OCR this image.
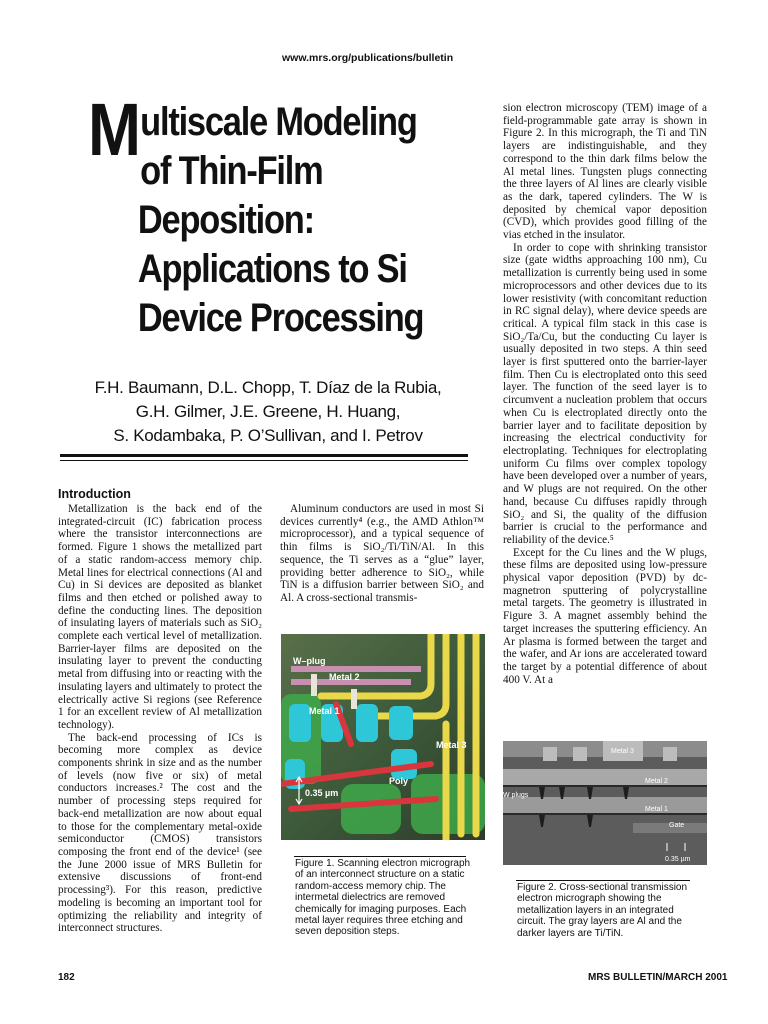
www.mrs.org/publications/bulletin
M ultiscale Modeling
of Thin-Film
Deposition:
Applications to Si
Device Processing
F.H. Baumann, D.L. Chopp, T. Díaz de la Rubia,
G.H. Gilmer, J.E. Greene, H. Huang,
S. Kodambaka, P. O’Sullivan, and I. Petrov
Introduction

Metallization is the back end of the integrated-circuit (IC) fabrication process where the transistor interconnections are formed. Figure 1 shows the metallized part of a static random-access memory chip. Metal lines for electrical connections (Al and Cu) in Si devices are deposited as blanket films and then etched or polished away to define the conducting lines. The deposition of insulating layers of materials such as SiO₂ complete each vertical level of metallization. Barrier-layer films are deposited on the insulating layer to prevent the conducting metal from diffusing into or reacting with the insulating layers and ultimately to protect the electrically active Si regions (see Reference 1 for an excellent review of Al metallization technology).

The back-end processing of ICs is becoming more complex as device components shrink in size and as the number of levels (now five or six) of metal conductors increases.² The cost and the number of processing steps required for back-end metallization are now about equal to those for the complementary metal-oxide semiconductor (CMOS) transistors composing the front end of the device¹ (see the June 2000 issue of MRS Bulletin for extensive discussions of front-end processing³). For this reason, predictive modeling is becoming an important tool for optimizing the reliability and integrity of interconnect structures.

Aluminum conductors are used in most Si devices currently⁴ (e.g., the AMD Athlon™ microprocessor), and a typical sequence of thin films is SiO₂/Ti/TiN/Al. In this sequence, the Ti serves as a “glue” layer, providing better adherence to SiO₂, while TiN is a diffusion barrier between SiO₂ and Al. A cross-sectional transmis-

sion electron microscopy (TEM) image of a field-programmable gate array is shown in Figure 2. In this micrograph, the Ti and TiN layers are indistinguishable, and they correspond to the thin dark films below the Al metal lines. Tungsten plugs connecting the three layers of Al lines are clearly visible as the dark, tapered cylinders. The W is deposited by chemical vapor deposition (CVD), which provides good filling of the vias etched in the insulator.

In order to cope with shrinking transistor size (gate widths approaching 100 nm), Cu metallization is currently being used in some microprocessors and other devices due to its lower resistivity (with concomitant reduction in RC signal delay), where device speeds are critical. A typical film stack in this case is SiO₂/Ta/Cu, but the conducting Cu layer is usually deposited in two steps. A thin seed layer is first sputtered onto the barrier-layer film. Then Cu is electroplated onto this seed layer. The function of the seed layer is to circumvent a nucleation problem that occurs when Cu is electroplated directly onto the barrier layer and to facilitate deposition by increasing the electrical conductivity for electroplating. Techniques for electroplating uniform Cu films over complex topology have been developed over a number of years, and W plugs are not required. On the other hand, because Cu diffuses rapidly through SiO₂ and Si, the quality of the diffusion barrier is crucial to the performance and reliability of the device.⁵

Except for the Cu lines and the W plugs, these films are deposited using low-pressure physical vapor deposition (PVD) by dc-magnetron sputtering of polycrystalline metal targets. The geometry is illustrated in Figure 3. A magnet assembly behind the target increases the sputtering efficiency. An Ar plasma is formed between the target and the wafer, and Ar ions are accelerated toward the target by a potential difference of about 400 V. At a

W–plug
Metal 2
Metal 1
Metal 3
Poly
0.35 µm
Figure 1. Scanning electron micrograph of an interconnect structure on a static random-access memory chip. The intermetal dielectrics are removed chemically for imaging purposes. Each metal layer requires three etching and seven deposition steps.
Metal 3
Metal 2
W plugs
Metal 1
Gate
0.35 µm
Figure 2. Cross-sectional transmission electron micrograph showing the metallization layers in an integrated circuit. The gray layers are Al and the darker layers are Ti/TiN.
182	MRS BULLETIN/MARCH 2001
